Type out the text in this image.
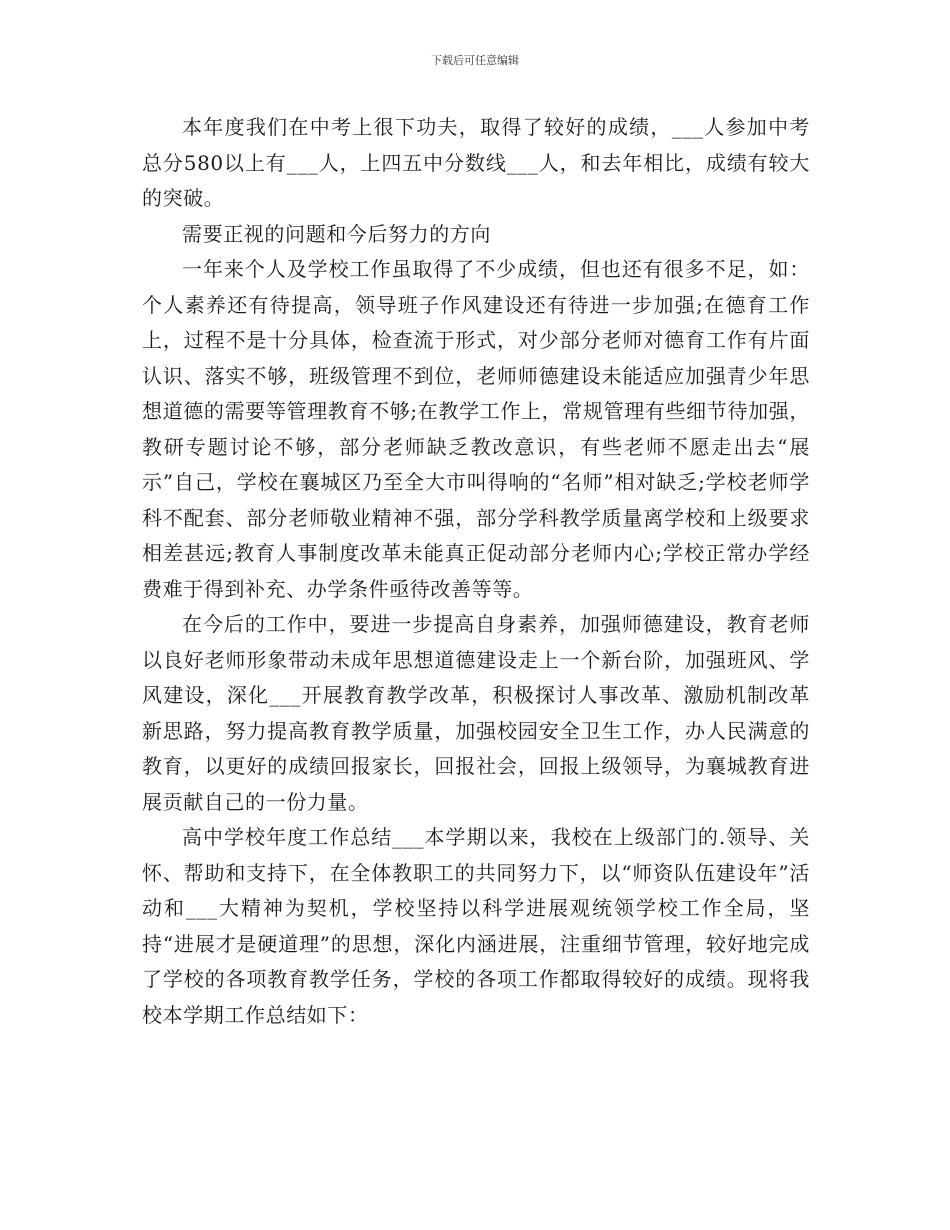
下载后可任意编辑

本年度我们在中考上很下功夫，取得了较好的成绩，___人参加中考总分580以上有___人，上四五中分数线___人，和去年相比，成绩有较大的突破。

需要正视的问题和今后努力的方向

一年来个人及学校工作虽取得了不少成绩，但也还有很多不足，如：个人素养还有待提高，领导班子作风建设还有待进一步加强;在德育工作上，过程不是十分具体，检查流于形式，对少部分老师对德育工作有片面认识、落实不够，班级管理不到位，老师师德建设未能适应加强青少年思想道德的需要等管理教育不够;在教学工作上，常规管理有些细节待加强，教研专题讨论不够，部分老师缺乏教改意识，有些老师不愿走出去“展示”自己，学校在襄城区乃至全大市叫得响的“名师”相对缺乏;学校老师学科不配套、部分老师敬业精神不强，部分学科教学质量离学校和上级要求相差甚远;教育人事制度改革未能真正促动部分老师内心;学校正常办学经费难于得到补充、办学条件亟待改善等等。

在今后的工作中，要进一步提高自身素养，加强师德建设，教育老师以良好老师形象带动未成年思想道德建设走上一个新台阶，加强班风、学风建设，深化___开展教育教学改革，积极探讨人事改革、激励机制改革新思路，努力提高教育教学质量，加强校园安全卫生工作，办人民满意的教育，以更好的成绩回报家长，回报社会，回报上级领导，为襄城教育进展贡献自己的一份力量。

高中学校年度工作总结___本学期以来，我校在上级部门的.领导、关怀、帮助和支持下，在全体教职工的共同努力下，以“师资队伍建设年”活动和___大精神为契机，学校坚持以科学进展观统领学校工作全局，坚持“进展才是硬道理”的思想，深化内涵进展，注重细节管理，较好地完成了学校的各项教育教学任务，学校的各项工作都取得较好的成绩。现将我校本学期工作总结如下：
